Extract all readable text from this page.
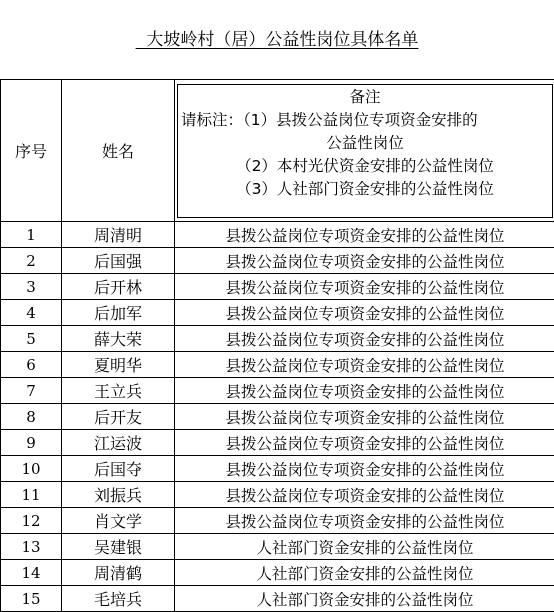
大坡岭村（居）公益性岗位具体名单
序号	姓名	备注
请标注：（1）县拨公益岗位专项资金安排的
公益性岗位
（2）本村光伏资金安排的公益性岗位
（3）人社部门资金安排的公益性岗位

1	周清明	县拨公益岗位专项资金安排的公益性岗位
2	后国强	县拨公益岗位专项资金安排的公益性岗位
3	后开林	县拨公益岗位专项资金安排的公益性岗位
4	后加军	县拨公益岗位专项资金安排的公益性岗位
5	薛大荣	县拨公益岗位专项资金安排的公益性岗位
6	夏明华	县拨公益岗位专项资金安排的公益性岗位
7	王立兵	县拨公益岗位专项资金安排的公益性岗位
8	后开友	县拨公益岗位专项资金安排的公益性岗位
9	江运波	县拨公益岗位专项资金安排的公益性岗位
10	后国夺	县拨公益岗位专项资金安排的公益性岗位
11	刘振兵	县拨公益岗位专项资金安排的公益性岗位
12	肖文学	县拨公益岗位专项资金安排的公益性岗位
13	吴建银	人社部门资金安排的公益性岗位
14	周清鹤	人社部门资金安排的公益性岗位
15	毛培兵	人社部门资金安排的公益性岗位
